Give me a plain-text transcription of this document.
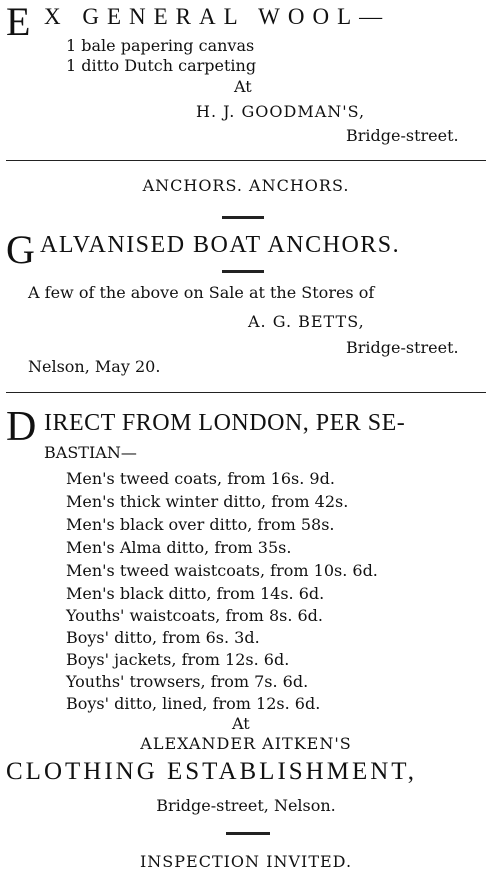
E X GENERAL WOOL—
1 bale papering canvas
1 ditto Dutch carpeting
At
H. J. GOODMAN'S,
Bridge-street.
ANCHORS. ANCHORS.
G ALVANISED BOAT ANCHORS.
A few of the above on Sale at the Stores of
A. G. BETTS,
Bridge-street.
Nelson, May 20.
D IRECT FROM LONDON, PER SE-
BASTIAN—
Men's tweed coats, from 16s. 9d.
Men's thick winter ditto, from 42s.
Men's black over ditto, from 58s.
Men's Alma ditto, from 35s.
Men's tweed waistcoats, from 10s. 6d.
Men's black ditto, from 14s. 6d.
Youths' waistcoats, from 8s. 6d.
Boys' ditto, from 6s. 3d.
Boys' jackets, from 12s. 6d.
Youths' trowsers, from 7s. 6d.
Boys' ditto, lined, from 12s. 6d.
At
ALEXANDER AITKEN'S
CLOTHING ESTABLISHMENT,
Bridge-street, Nelson.
INSPECTION INVITED.
